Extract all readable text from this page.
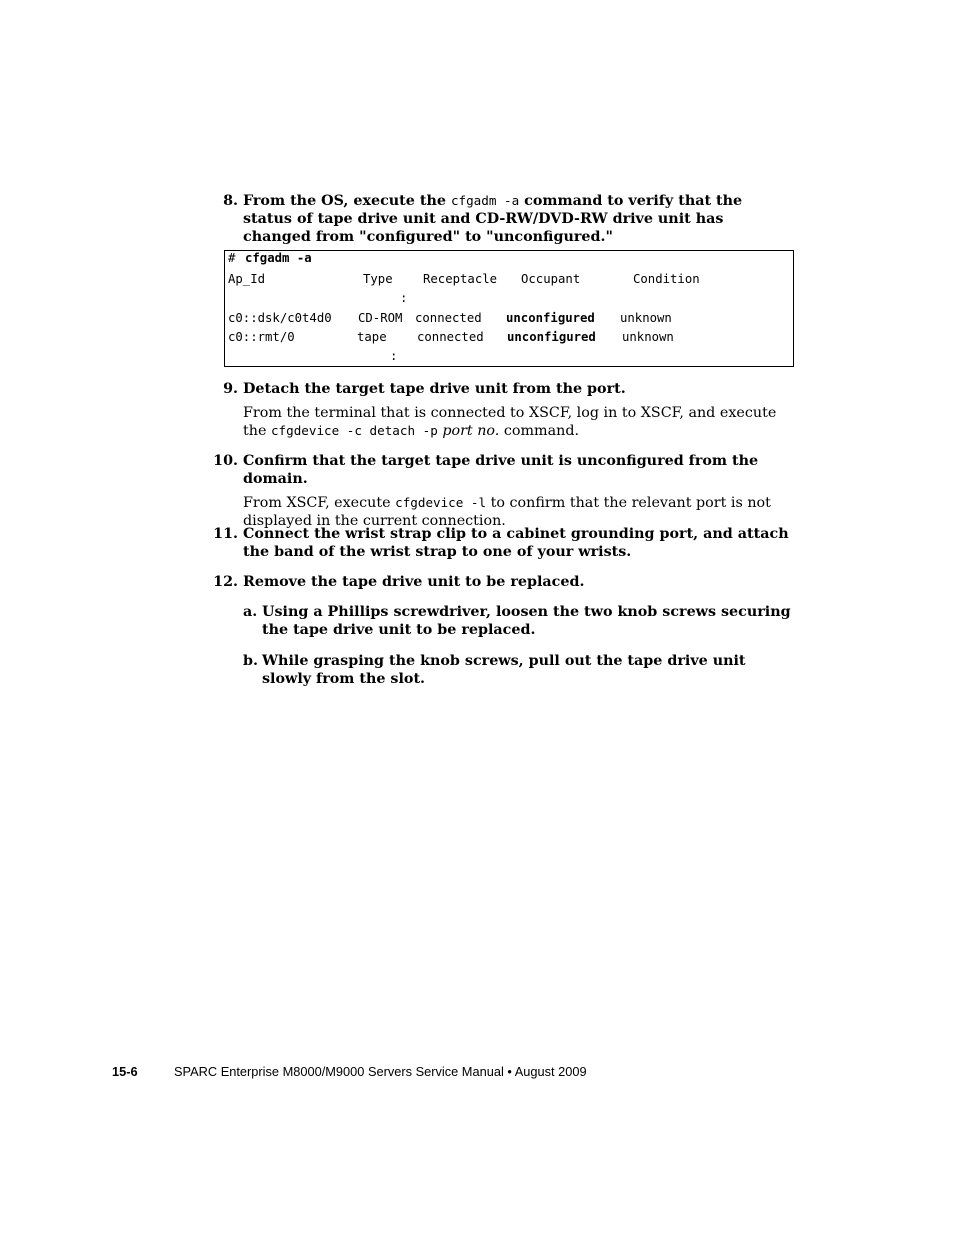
8. From the OS, execute the cfgadm -a command to verify that the status of tape drive unit and CD-RW/DVD-RW drive unit has changed from "configured" to "unconfigured."
# cfgadm -a
Ap_Id	Type Receptacle Occupant	Condition
:
c0::dsk/c0t4d0 CD-ROM connected unconfigured unknown
c0::rmt/0	tape connected unconfigured unknown
:
9. Detach the target tape drive unit from the port.
From the terminal that is connected to XSCF, log in to XSCF, and execute the cfgdevice -c detach -p port no. command.
10. Confirm that the target tape drive unit is unconfigured from the domain.
From XSCF, execute cfgdevice -l to confirm that the relevant port is not displayed in the current connection.
11. Connect the wrist strap clip to a cabinet grounding port, and attach the band of the wrist strap to one of your wrists.
12. Remove the tape drive unit to be replaced.
a. Using a Phillips screwdriver, loosen the two knob screws securing the tape drive unit to be replaced.
b. While grasping the knob screws, pull out the tape drive unit slowly from the slot.
15-6	SPARC Enterprise M8000/M9000 Servers Service Manual • August 2009
